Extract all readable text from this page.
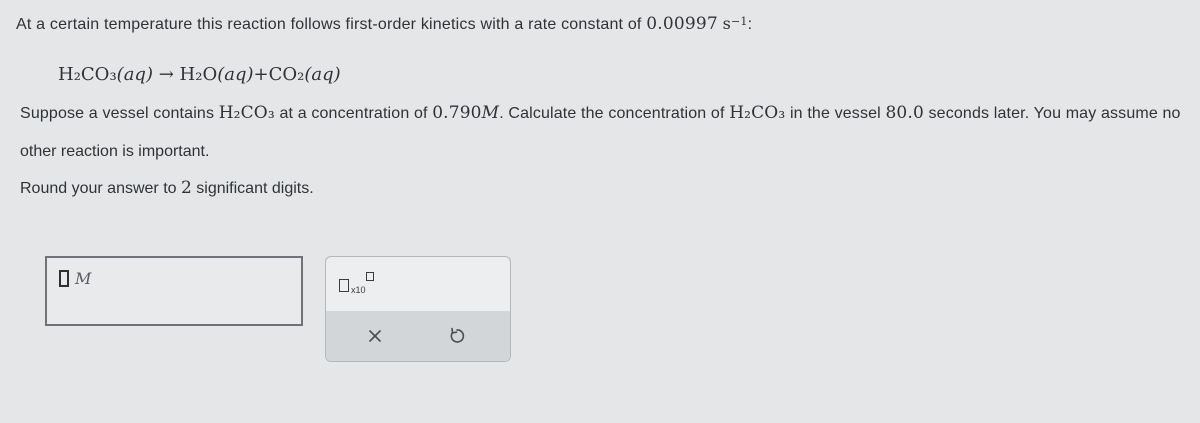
At a certain temperature this reaction follows first-order kinetics with a rate constant of 0.00997 $s^{-1}$:
H₂CO₃(aq) → H₂O(aq)+CO₂(aq)
Suppose a vessel contains H₂CO₃ at a concentration of 0.790M. Calculate the concentration of H₂CO₃ in the vessel 80.0 seconds later. You may assume no
other reaction is important.
Round your answer to 2 significant digits.
M
x10
